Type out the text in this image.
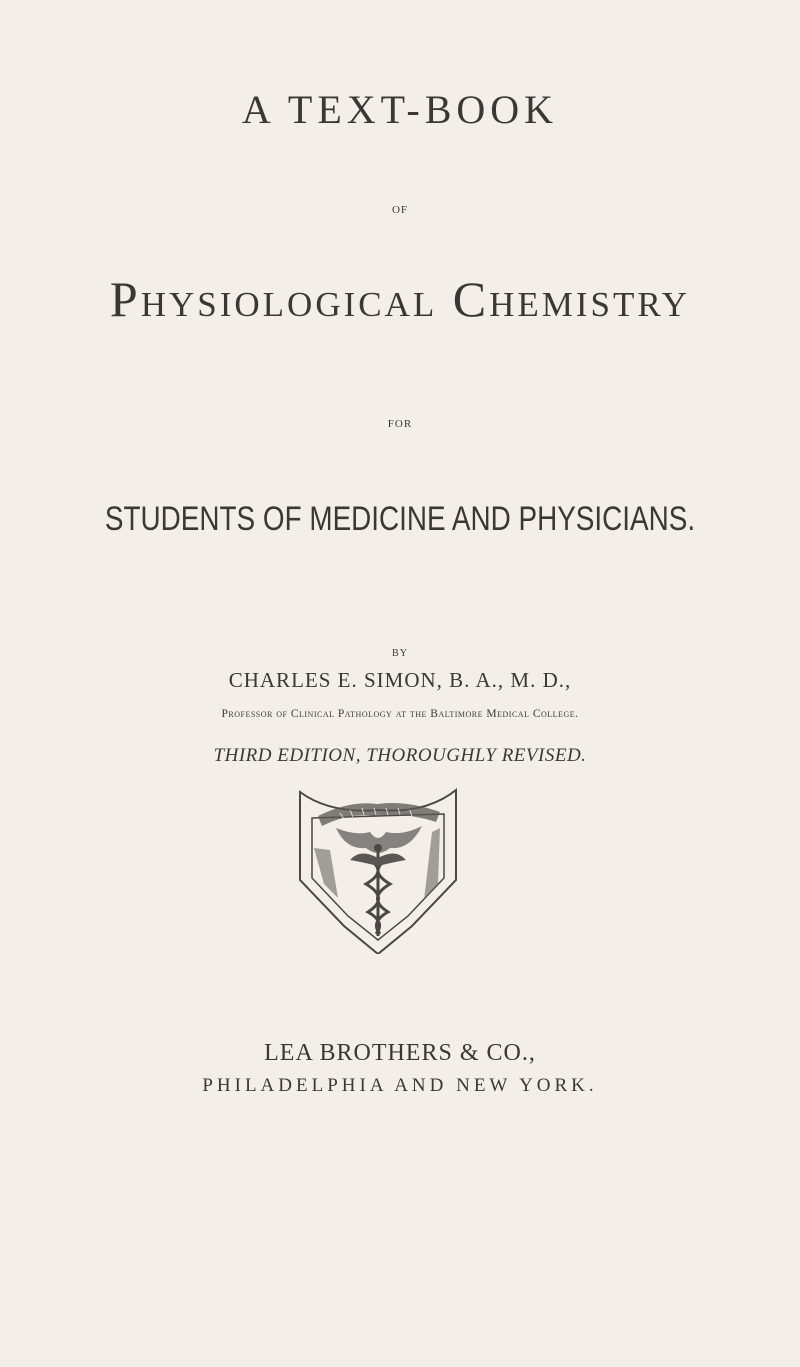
A TEXT-BOOK
OF
Physiological Chemistry
FOR
STUDENTS OF MEDICINE AND PHYSICIANS.
BY
CHARLES E. SIMON, B. A., M. D.,
Professor of Clinical Pathology at the Baltimore Medical College.
THIRD EDITION, THOROUGHLY REVISED.
LEA BROTHERS & CO.,
PHILADELPHIA AND NEW YORK.
